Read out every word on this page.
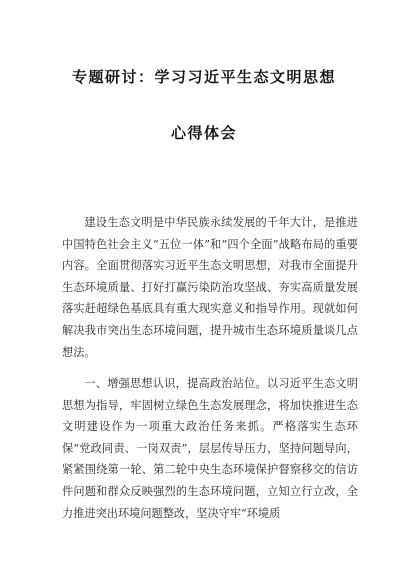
专题研讨：学习习近平生态文明思想
心得体会

建设生态文明是中华民族永续发展的千年大计，是推进中国特色社会主义“五位一体”和“四个全面”战略布局的重要内容。全面贯彻落实习近平生态文明思想，对我市全面提升生态环境质量、打好打赢污染防治攻坚战、夯实高质量发展落实赶超绿色基底具有重大现实意义和指导作用。现就如何解决我市突出生态环境问题，提升城市生态环境质量谈几点想法。

一、增强思想认识，提高政治站位。以习近平生态文明思想为指导，牢固树立绿色生态发展理念，将加快推进生态文明建设作为一项重大政治任务来抓。严格落实生态环保“党政同责、一岗双责”，层层传导压力，坚持问题导向，紧紧围绕第一轮、第二轮中央生态环境保护督察移交的信访件问题和群众反映强烈的生态环境问题，立知立行立改，全力推进突出环境问题整改，坚决守牢“环境质
